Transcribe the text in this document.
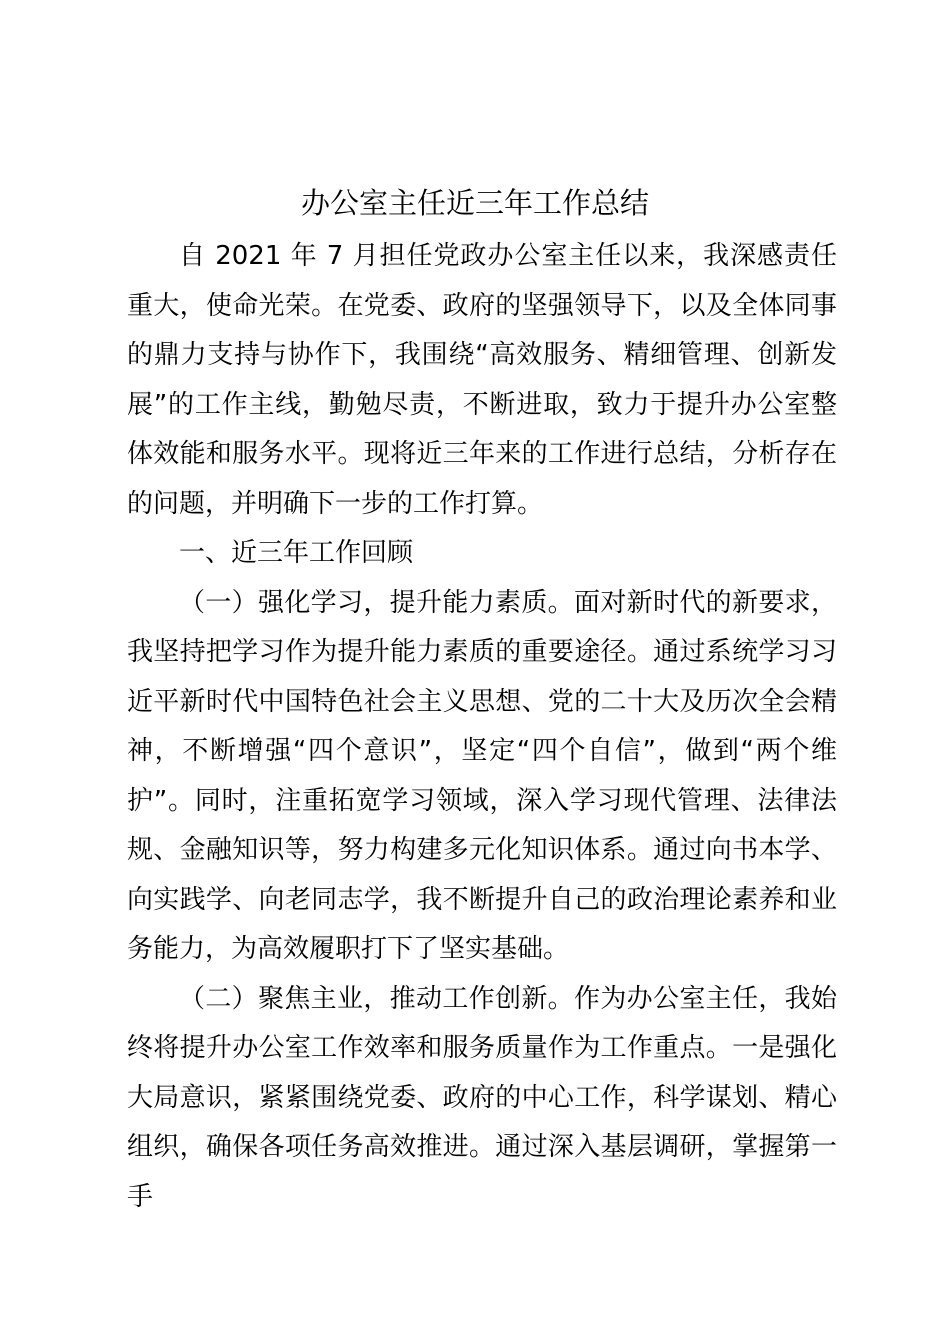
办公室主任近三年工作总结

自 2021 年 7 月担任党政办公室主任以来，我深感责任重大，使命光荣。在党委、政府的坚强领导下，以及全体同事的鼎力支持与协作下，我围绕“高效服务、精细管理、创新发展”的工作主线，勤勉尽责，不断进取，致力于提升办公室整体效能和服务水平。现将近三年来的工作进行总结，分析存在的问题，并明确下一步的工作打算。

一、近三年工作回顾

（一）强化学习，提升能力素质。面对新时代的新要求，我坚持把学习作为提升能力素质的重要途径。通过系统学习习近平新时代中国特色社会主义思想、党的二十大及历次全会精神，不断增强“四个意识”，坚定“四个自信”，做到“两个维护”。同时，注重拓宽学习领域，深入学习现代管理、法律法规、金融知识等，努力构建多元化知识体系。通过向书本学、向实践学、向老同志学，我不断提升自己的政治理论素养和业务能力，为高效履职打下了坚实基础。

（二）聚焦主业，推动工作创新。作为办公室主任，我始终将提升办公室工作效率和服务质量作为工作重点。一是强化大局意识，紧紧围绕党委、政府的中心工作，科学谋划、精心组织，确保各项任务高效推进。通过深入基层调研，掌握第一手
